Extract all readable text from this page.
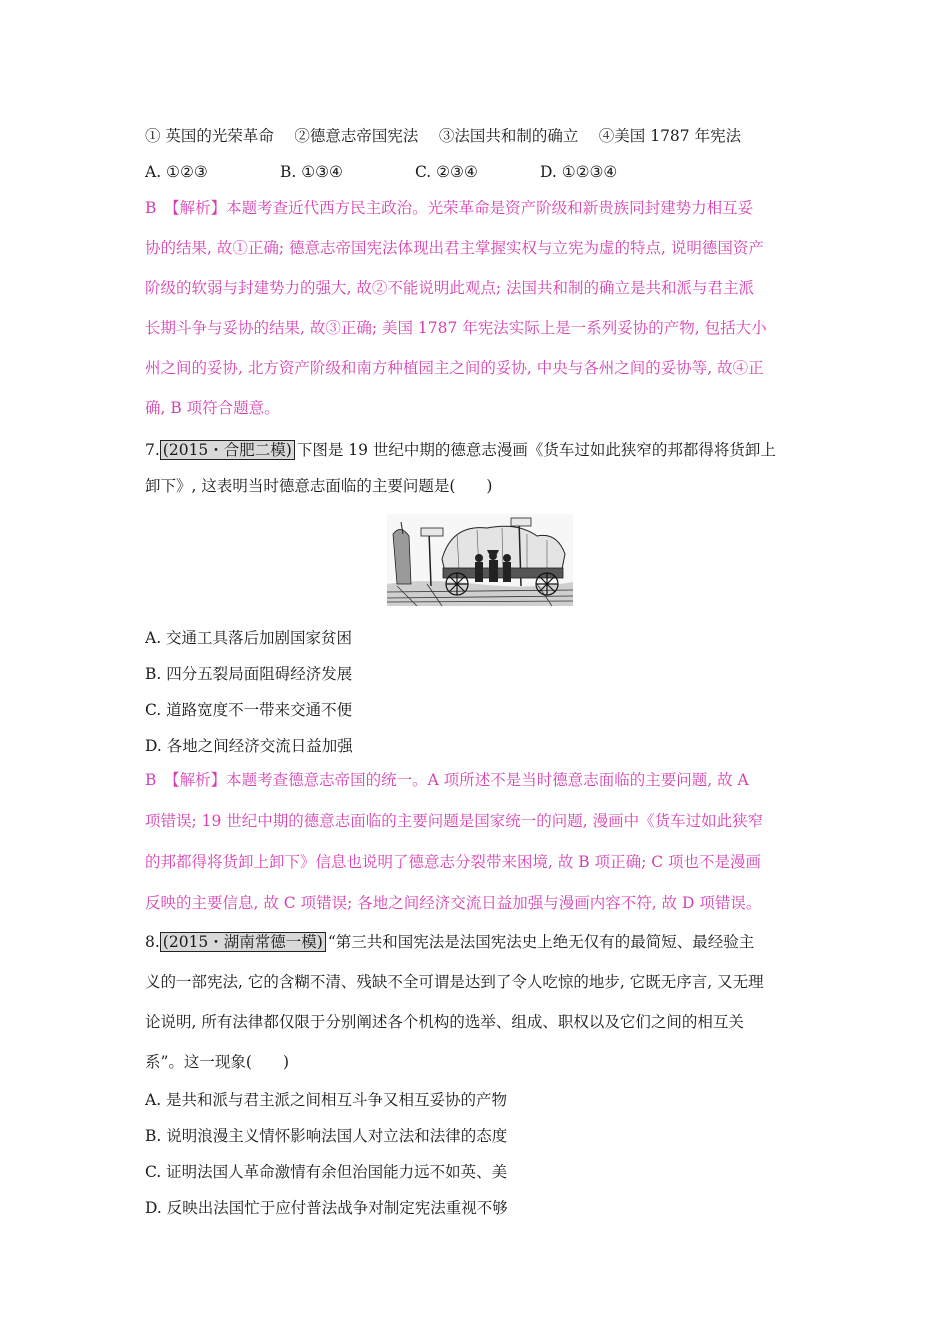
① 英国的光荣革命　 ②德意志帝国宪法　 ③法国共和制的确立　 ④美国 1787 年宪法
A. ①②③	B. ①③④	C. ②③④	D. ①②③④
B　【解析】本题考查近代西方民主政治。光荣革命是资产阶级和新贵族同封建势力相互妥
协的结果, 故①正确; 德意志帝国宪法体现出君主掌握实权与立宪为虚的特点, 说明德国资产
阶级的软弱与封建势力的强大, 故②不能说明此观点; 法国共和制的确立是共和派与君主派
长期斗争与妥协的结果, 故③正确; 美国 1787 年宪法实际上是一系列妥协的产物, 包括大小
州之间的妥协, 北方资产阶级和南方种植园主之间的妥协, 中央与各州之间的妥协等, 故④正
确, B 项符合题意。
7. (2015・合肥二模) 下图是 19 世纪中期的德意志漫画《货车过如此狭窄的邦都得将货卸上
卸下》, 这表明当时德意志面临的主要问题是(　　)
A. 交通工具落后加剧国家贫困
B. 四分五裂局面阻碍经济发展
C. 道路宽度不一带来交通不便
D. 各地之间经济交流日益加强
B　【解析】本题考查德意志帝国的统一。A 项所述不是当时德意志面临的主要问题, 故 A
项错误; 19 世纪中期的德意志面临的主要问题是国家统一的问题, 漫画中《货车过如此狭窄
的邦都得将货卸上卸下》信息也说明了德意志分裂带来困境, 故 B 项正确; C 项也不是漫画
反映的主要信息, 故 C 项错误; 各地之间经济交流日益加强与漫画内容不符, 故 D 项错误。
8. (2015・湖南常德一模) “第三共和国宪法是法国宪法史上绝无仅有的最简短、最经验主
义的一部宪法, 它的含糊不清、残缺不全可谓是达到了令人吃惊的地步, 它既无序言, 又无理
论说明, 所有法律都仅限于分别阐述各个机构的选举、组成、职权以及它们之间的相互关
系”。这一现象(　　)
A. 是共和派与君主派之间相互斗争又相互妥协的产物
B. 说明浪漫主义情怀影响法国人对立法和法律的态度
C. 证明法国人革命激情有余但治国能力远不如英、美
D. 反映出法国忙于应付普法战争对制定宪法重视不够
